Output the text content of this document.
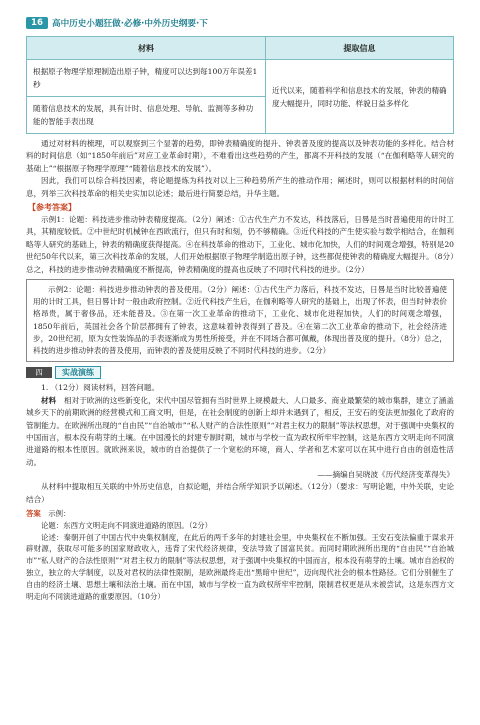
16	高中历史小题狂做·必修·中外历史纲要·下
材料	提取信息
根据原子物理学原理制造出原子钟，精度可以达到每100万年误差1秒	近代以来，随着科学和信息技术的发展，钟表的精确度大幅提升，同时功能、样貌日益多样化
随着信息技术的发展，具有计时、信息处理、导航、监测等多种功能的智能手表出现	

通过对材料的梳理，可以观察到三个显著的趋势，即钟表精确度的提升、钟表普及度的提高以及钟表功能的多样化。结合材料的时间信息（如“1850年前后”对应工业革命时期），不难看出这些趋势的产生，都离不开科技的发展（“在伽利略等人研究的基础上”“根据原子物理学原理”“随着信息技术的发展”）。

因此，我们可以综合科技因素，将论题提炼为科技对以上三种趋势所产生的推动作用；阐述时，则可以根据材料的时间信息，列举三次科技革命的相关史实加以论述；最后进行简要总结，升华主题。

【参考答案】

示例1：论题：科技进步推动钟表精度提高。（2分）阐述：①古代生产力不发达，科技落后，日晷是当时普遍使用的计时工具，其精度较低。②中世纪时机械钟在西欧流行，但只有时和刻，仍不够精确。③近代科技的产生使实验与数学相结合，在伽利略等人研究的基础上，钟表的精确度获得提高。④在科技革命的推动下，工业化、城市化加快，人们的时间观念增强，特别是20世纪50年代以来，第三次科技革命的发展，人们开始根据原子物理学制造出原子钟，这些都促使钟表的精确度大幅提升。（8分）总之，科技的进步推动钟表精确度不断提高，钟表精确度的提高也反映了不同时代科技的进步。（2分）

示例2：论题：科技进步推动钟表的普及使用。（2分）阐述：①古代生产力落后，科技不发达，日晷是当时比较普遍使用的计时工具，但日晷计时一般由政府控制。②近代科技产生后，在伽利略等人研究的基础上，出现了怀表，但当时钟表价格昂贵，属于奢侈品，还未能普及。③在第一次工业革命的推动下，工业化、城市化进程加快，人们的时间观念增强，1850年前后，英国社会各个阶层都拥有了钟表，这意味着钟表得到了普及。④在第二次工业革命的推动下，社会经济进步，20世纪初，原为女性装饰品的手表逐渐成为男性所接受，并在不同场合都可佩戴，体现出普及度的提升。（8分）总之，科技的进步推动钟表的普及使用，而钟表的普及使用反映了不同时代科技的进步。（2分）

四	实战演练

1. （12分）阅读材料，回答问题。

材料　 相对于欧洲的这些新变化，宋代中国尽管拥有当时世界上规模最大、人口最多、商业最繁荣的城市集群，建立了涵盖城乡天下的前期欧洲的经营模式和工商文明，但是，在社会制度的创新上却并未遇到了，相反，王安石的变法更加强化了政府的管制能力。在欧洲所出现的“自由民”“自治城市”“私人财产的合法性原则”“对君主权力的限制”等法权思想，对于强调中央集权的中国而言，根本没有萌芽的土壤。在中国漫长的封建专制时期，城市与学校一直为政权所牢牢控制，这是东西方文明走向不同演进道路的根本性原因。就欧洲来说，城市的自治提供了一个宽松的环境，商人、学者和艺术家可以在其中进行自由的创造性活动。

——摘编自吴晓波《历代经济变革得失》

从材料中提取相互关联的中外历史信息，自拟论题，并结合所学知识予以阐述。（12分）（要求：写明论题，中外关联，史论结合）

答案　 示例：

论题：东西方文明走向不同演进道路的原因。（2分）

论述：秦朝开创了中国古代中央集权制度，在此后的两千多年的封建社会里，中央集权在不断加强。王安石变法偏重于谋求开辟财源，获取尽可能多的国家财政收入，违背了宋代经济规律，变法导致了国富民贫。而同时期欧洲所出现的“自由民”“自治城市”“私人财产的合法性原则”“对君主权力的限制”等法权思想，对于强调中央集权的中国而言，根本没有萌芽的土壤。城市自治权的独立，独立的大学制度，以及对君权的法律性限制，是欧洲最终走出“黑暗中世纪”，迈向现代社会的根本性路径。它们分别催生了自由的经济土壤、思想土壤和法治土壤。而在中国，城市与学校一直为政权所牢牢控制，限制君权更是从未被尝试，这是东西方文明走向不同演进道路的重要原因。（10分）
